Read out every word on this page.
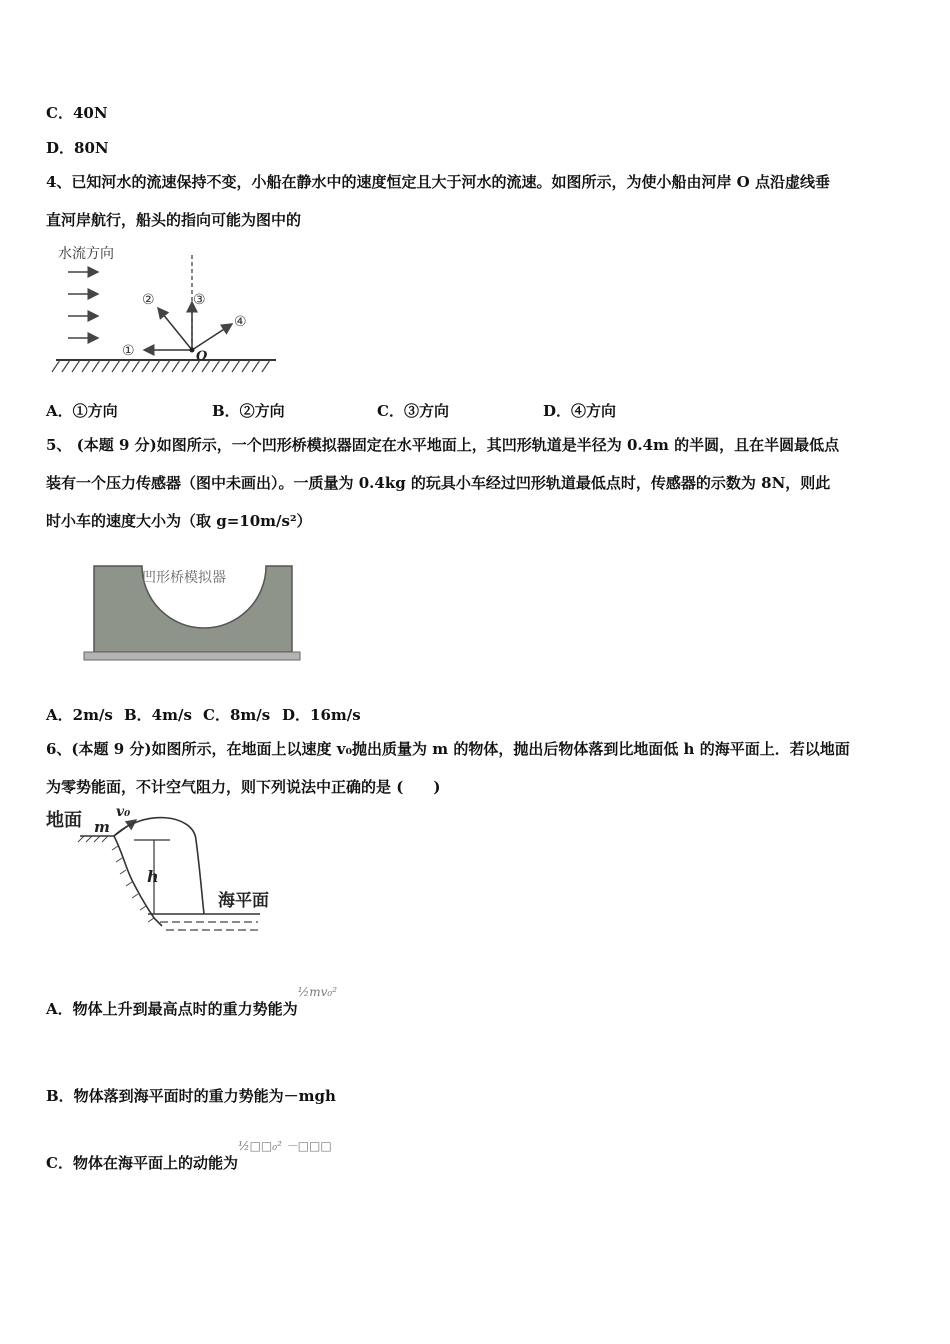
C．40N
D．80N
4、已知河水的流速保持不变，小船在静水中的速度恒定且大于河水的流速。如图所示，为使小船由河岸 O 点沿虚线垂
直河岸航行，船头的指向可能为图中的
水流方向
O
①
②	③
④
A．①方向	B．②方向	C．③方向	D．④方向
5、 (本题 9 分)如图所示，一个凹形桥模拟器固定在水平地面上，其凹形轨道是半径为 0.4m 的半圆，且在半圆最低点
装有一个压力传感器（图中未画出）。一质量为 0.4kg 的玩具小车经过凹形轨道最低点时，传感器的示数为 8N，则此
时小车的速度大小为（取 g=10m/s²）
凹形桥模拟器
A．2m/s B．4m/s C．8m/s D．16m/s
6、(本题 9 分)如图所示，在地面上以速度 v₀抛出质量为 m 的物体，抛出后物体落到比地面低 h 的海平面上．若以地面
为零势能面，不计空气阻力，则下列说法中正确的是 (　　)
地面 m
v₀
h
海平面
A．物体上升到最高点时的重力势能为$^{\frac{1}{2}mv_0^2}$
B．物体落到海平面时的重力势能为－mgh
C．物体在海平面上的动能为$^{\frac{1}{2}□□_0^2 -□□□}$
